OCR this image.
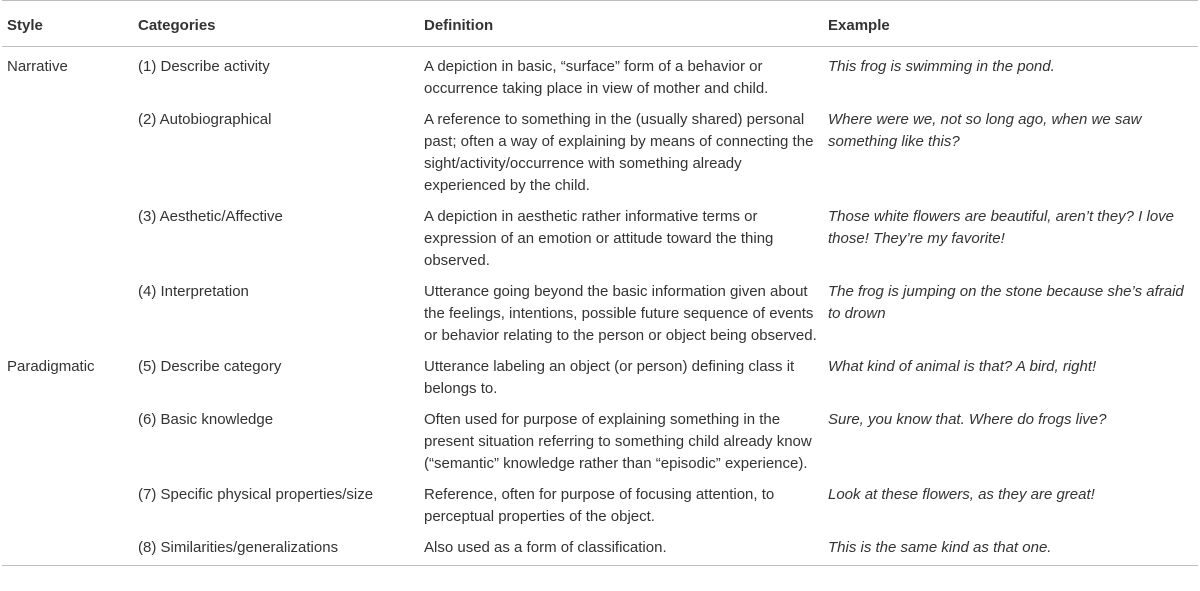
Style	Categories	Definition	Example
Narrative	(1) Describe activity	A depiction in basic, “surface” form of a behavior or occurrence taking place in view of mother and child.	This frog is swimming in the pond.
	(2) Autobiographical	A reference to something in the (usually shared) personal past; often a way of explaining by means of connecting the sight/activity/occurrence with something already experienced by the child.	Where were we, not so long ago, when we saw something like this?
	(3) Aesthetic/Affective	A depiction in aesthetic rather informative terms or expression of an emotion or attitude toward the thing observed.	Those white flowers are beautiful, aren’t they? I love those! They’re my favorite!
	(4) Interpretation	Utterance going beyond the basic information given about the feelings, intentions, possible future sequence of events or behavior relating to the person or object being observed.	The frog is jumping on the stone because she’s afraid to drown
Paradigmatic	(5) Describe category	Utterance labeling an object (or person) defining class it belongs to.	What kind of animal is that? A bird, right!
	(6) Basic knowledge	Often used for purpose of explaining something in the present situation referring to something child already know (“semantic” knowledge rather than “episodic” experience).	Sure, you know that. Where do frogs live?
	(7) Specific physical properties/size	Reference, often for purpose of focusing attention, to perceptual properties of the object.	Look at these flowers, as they are great!
	(8) Similarities/generalizations	Also used as a form of classification.	This is the same kind as that one.
